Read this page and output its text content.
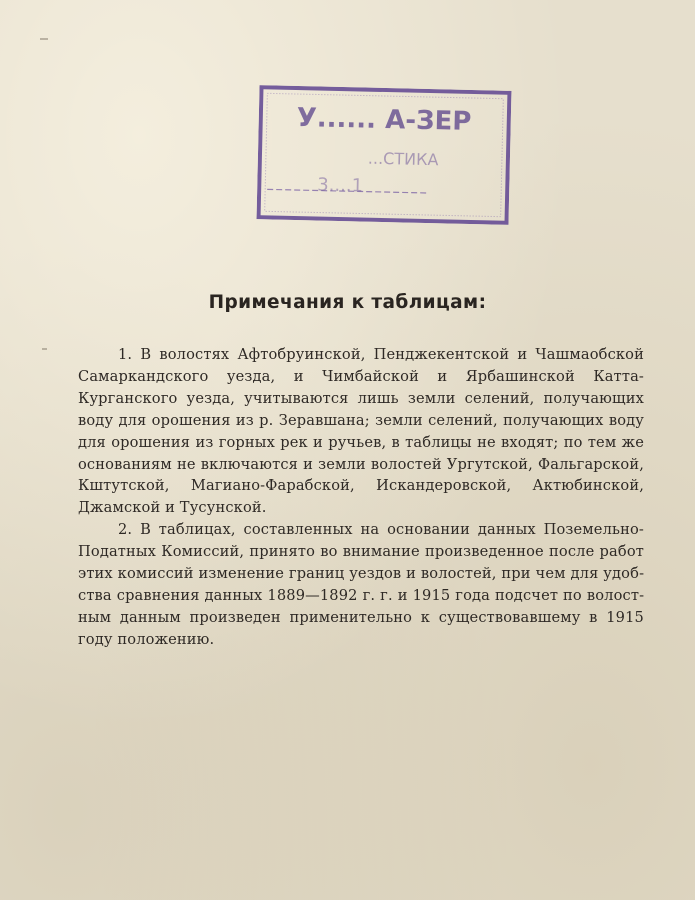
У...... А-ЗЕР
...СТИКА
3....1
Примечания к таблицам:

1. В волостях Афтобруинской, Пенджекентской и Чашмаобской Самаркандского уезда, и Чимбайской и Ярбашинской Катта-Курганского уезда, учитываются лишь земли селений, получающих воду для орошения из р. Зеравшана; земли селений, получающих воду для орошения из горных рек и ручьев, в таблицы не входят; по тем же основаниям не включаются и земли волостей Ургутской, Фальгарской, Кштутской, Магиано-Фарабской, Искандеровской, Актюбинской, Джамской и Тусунской.

2. В таблицах, составленных на основании данных Поземельно-Податных Комиссий, принято во внимание произведенное после работ этих комиссий изменение границ уездов и волостей, при чем для удобства сравнения данных 1889—1892 г. г. и 1915 года подсчет по волостным данным произведен применительно к существовавшему в 1915 году положению.
